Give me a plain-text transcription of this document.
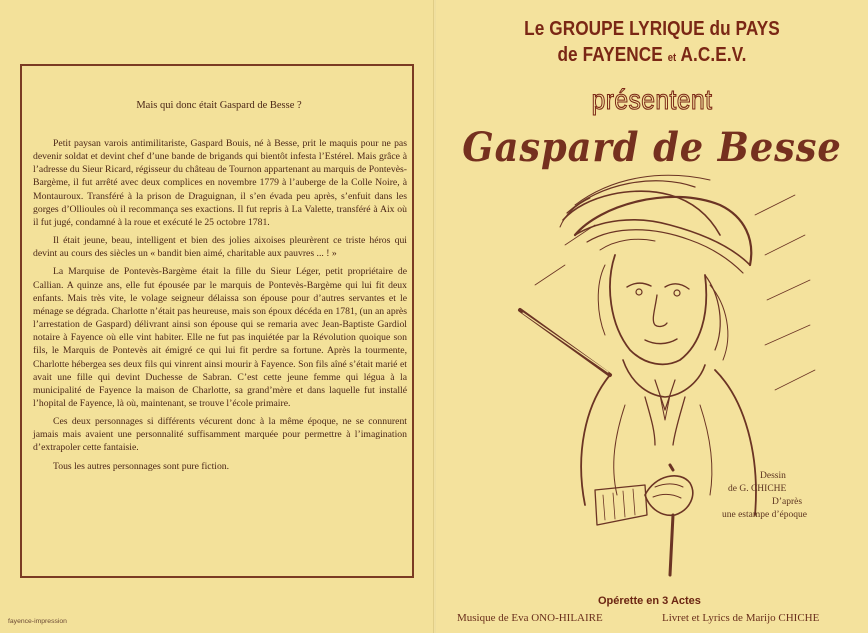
Mais qui donc était Gaspard de Besse ?

Petit paysan varois antimilitariste, Gaspard Bouis, né à Besse, prit le maquis pour ne pas devenir soldat et devint chef d’une bande de brigands qui bientôt infesta l’Estérel. Mais grâce à l’adresse du Sieur Ricard, régisseur du château de Tournon appartenant au marquis de Pontevès-Bargème, il fut arrêté avec deux complices en novembre 1779 à l’auberge de la Colle Noire, à Montauroux. Transféré à la prison de Draguignan, il s’en évada peu après, s’enfuit dans les gorges d’Ollioules où il recommança ses exactions. Il fut repris à La Valette, transféré à Aix où il fut jugé, condamné à la roue et exécuté le 25 octobre 1781.

Il était jeune, beau, intelligent et bien des jolies aixoises pleurèrent ce triste héros qui devint au cours des siècles un « bandit bien aimé, charitable aux pauvres ... ! »

La Marquise de Pontevès-Bargème était la fille du Sieur Léger, petit propriétaire de Callian. A quinze ans, elle fut épousée par le marquis de Pontevès-Bargème qui lui fit deux enfants. Mais très vite, le volage seigneur délaissa son épouse pour d’autres servantes et le ménage se dégrada. Charlotte n’était pas heureuse, mais son époux décéda en 1781, (un an après l’arrestation de Gaspard) délivrant ainsi son épouse qui se remaria avec Jean-Baptiste Gardiol notaire à Fayence où elle vint habiter. Elle ne fut pas inquiétée par la Révolution quoique son fils, le Marquis de Pontevès ait émigré ce qui lui fit perdre sa fortune. Après la tourmente, Charlotte hébergea ses deux fils qui vinrent ainsi mourir à Fayence. Son fils aîné s’était marié et avait une fille qui devint Duchesse de Sabran. C’est cette jeune femme qui légua à la municipalité de Fayence la maison de Charlotte, sa grand’mère et dans laquelle fut installé l’hopital de Fayence, là où, maintenant, se trouve l’école primaire.

Ces deux personnages si différents vécurent donc à la même époque, ne se connurent jamais mais avaient une personnalité suffisamment marquée pour permettre à l’imagination d’extrapoler cette fantaisie.

Tous les autres personnages sont pure fiction.

fayence-impression
Le GROUPE LYRIQUE du PAYS
de FAYENCE et A.C.E.V.
présentent
Gaspard de Besse
Dessin
de G. CHICHE
D’après
une estampe d’époque
Opérette en 3 Actes
Musique de Eva ONO-HILAIRE	Livret et Lyrics de Marijo CHICHE
